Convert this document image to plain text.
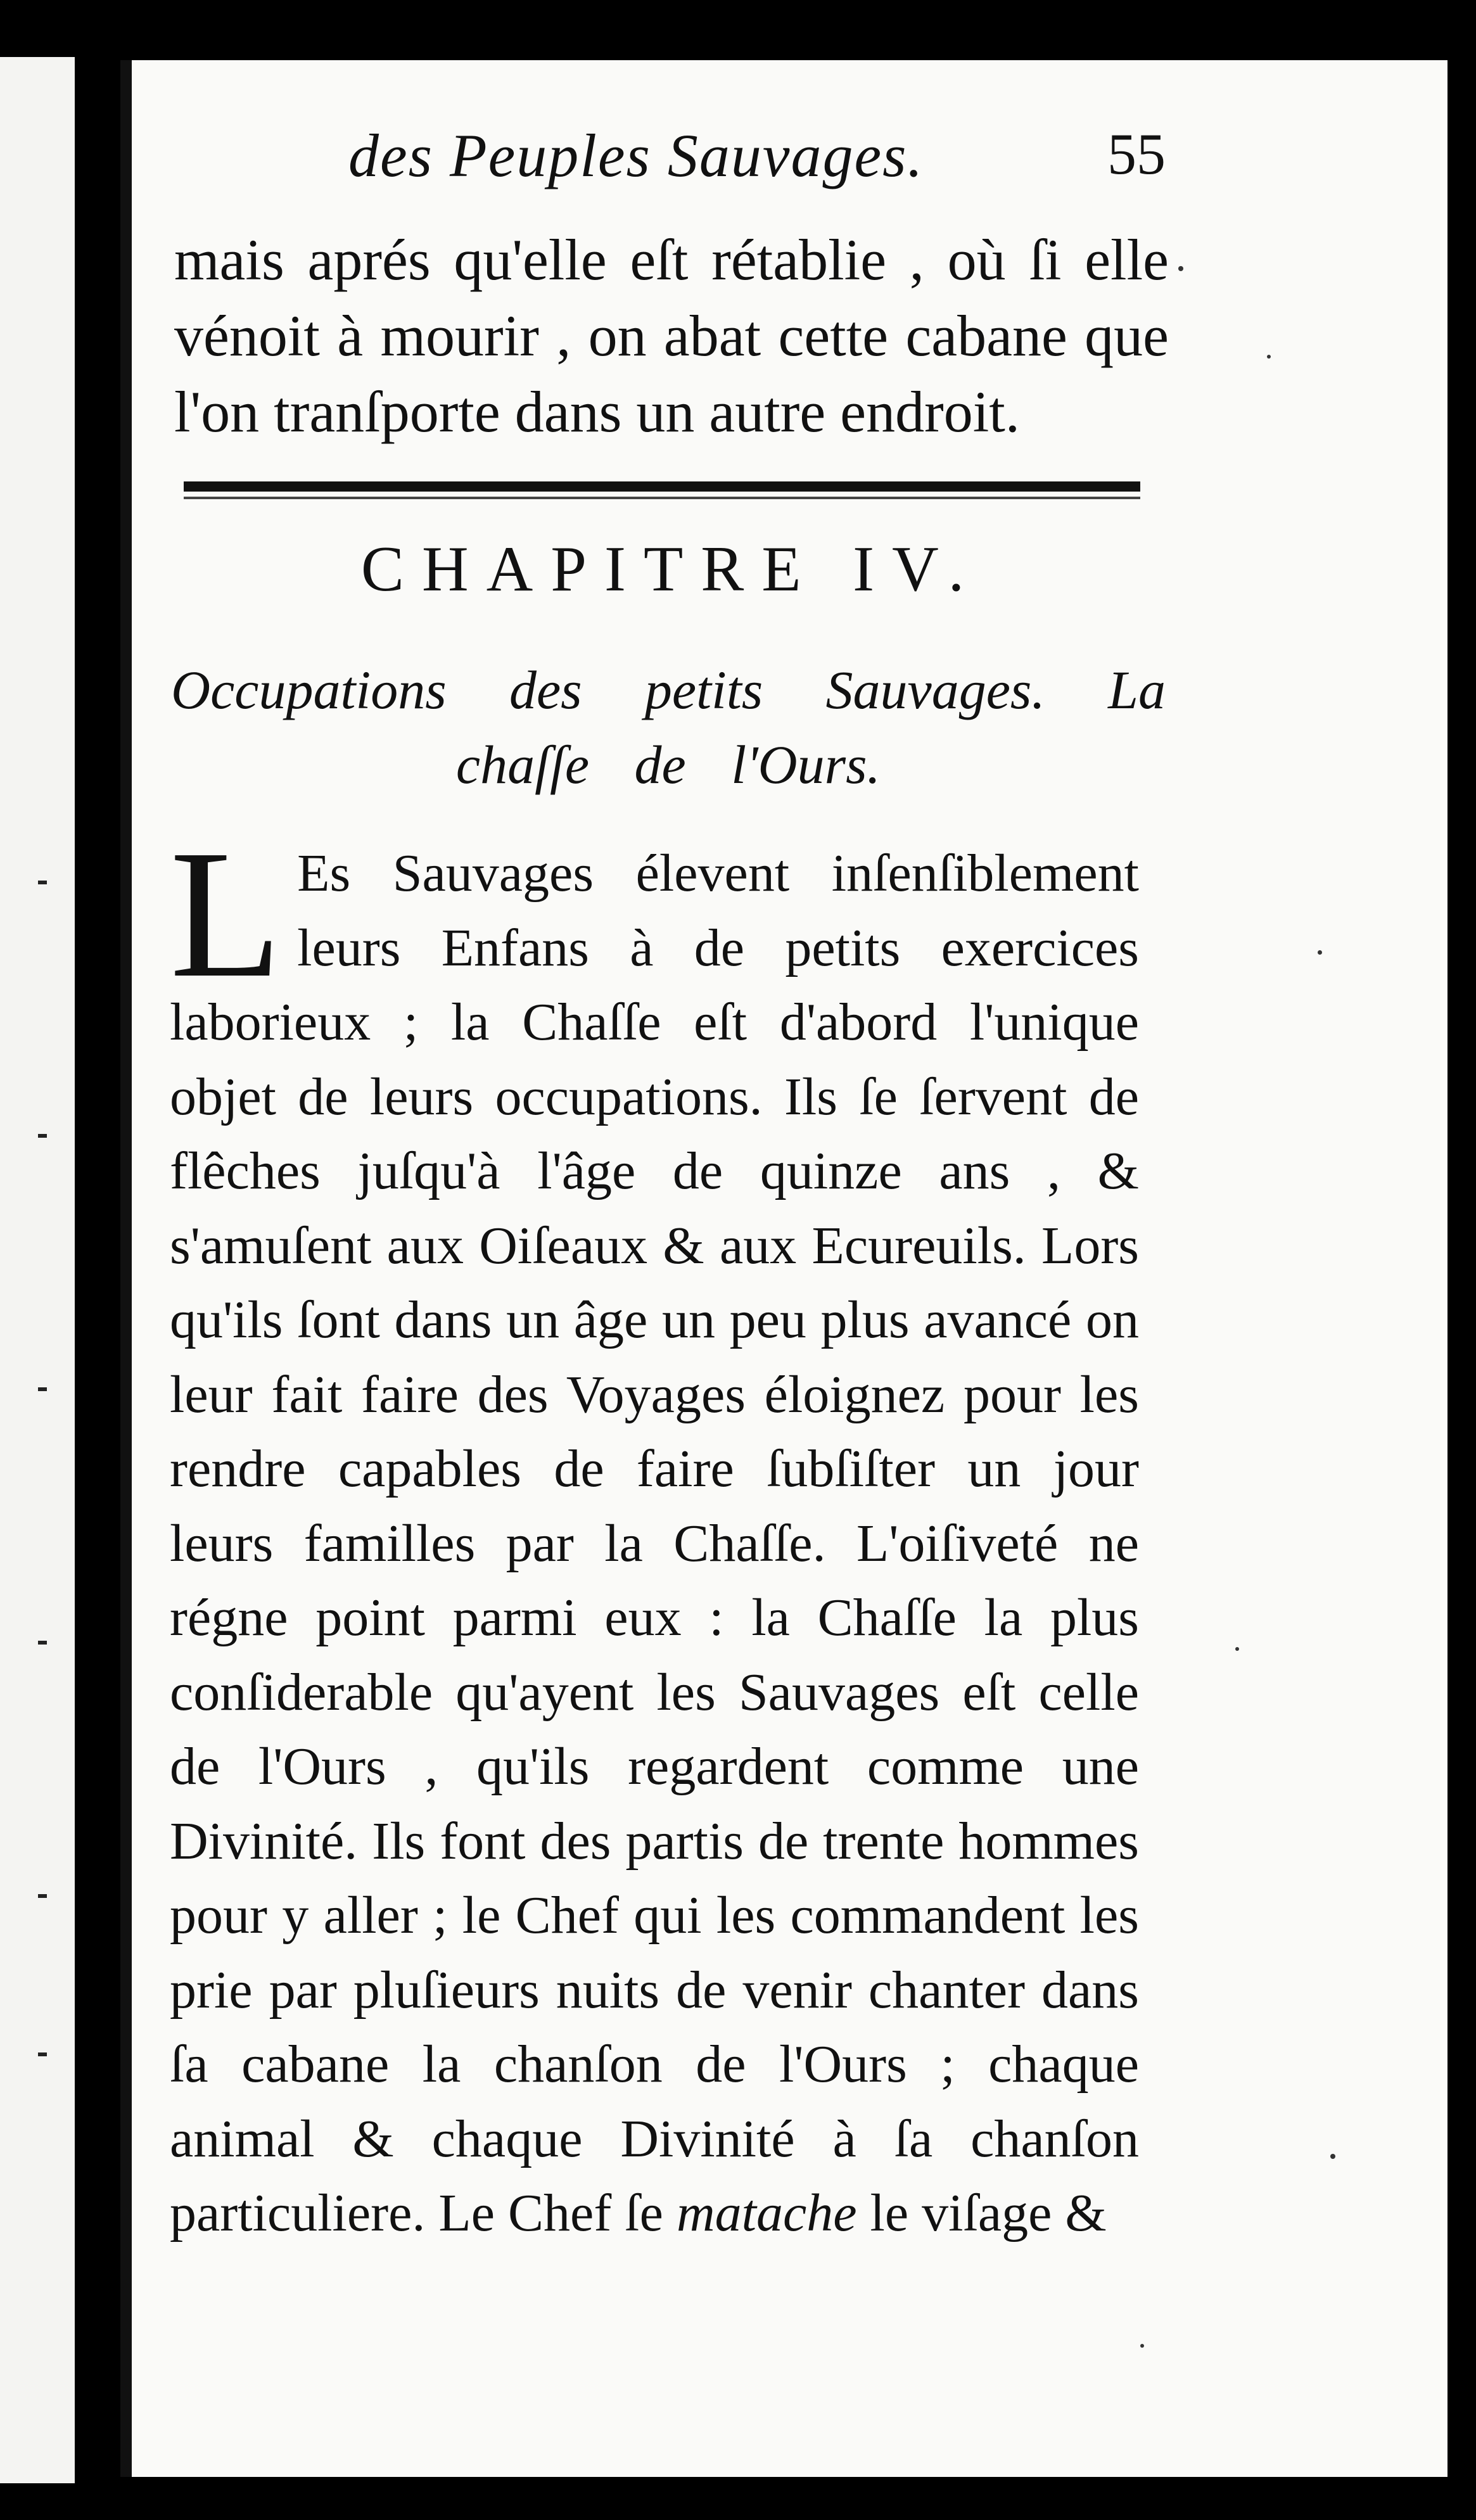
des Peuples Sauvages.	55
mais aprés qu'elle eſt rétablie , où ſi elle vénoit à mourir , on abat cette cabane que l'on tranſporte dans un autre endroit.
CHAPITRE IV.
Occupations des petits Sauvages. La chaſſe de l'Ours.
L Es Sauvages élevent inſenſiblement leurs Enfans à de petits exercices laborieux ; la Chaſſe eſt d'abord l'unique objet de leurs occupations. Ils ſe ſervent de flêches juſqu'à l'âge de quinze ans , & s'amuſent aux Oiſeaux & aux Ecureuils. Lors qu'ils ſont dans un âge un peu plus avancé on leur fait faire des Voyages éloignez pour les rendre capables de faire ſubſiſter un jour leurs familles par la Chaſſe. L'oiſiveté ne régne point parmi eux : la Chaſſe la plus conſiderable qu'ayent les Sauvages eſt celle de l'Ours , qu'ils regardent comme une Divinité. Ils font des partis de trente hommes pour y aller ; le Chef qui les commandent les prie par pluſieurs nuits de venir chanter dans ſa cabane la chanſon de l'Ours ; chaque animal & chaque Divinité à ſa chanſon particuliere. Le Chef ſe matache le viſage &
